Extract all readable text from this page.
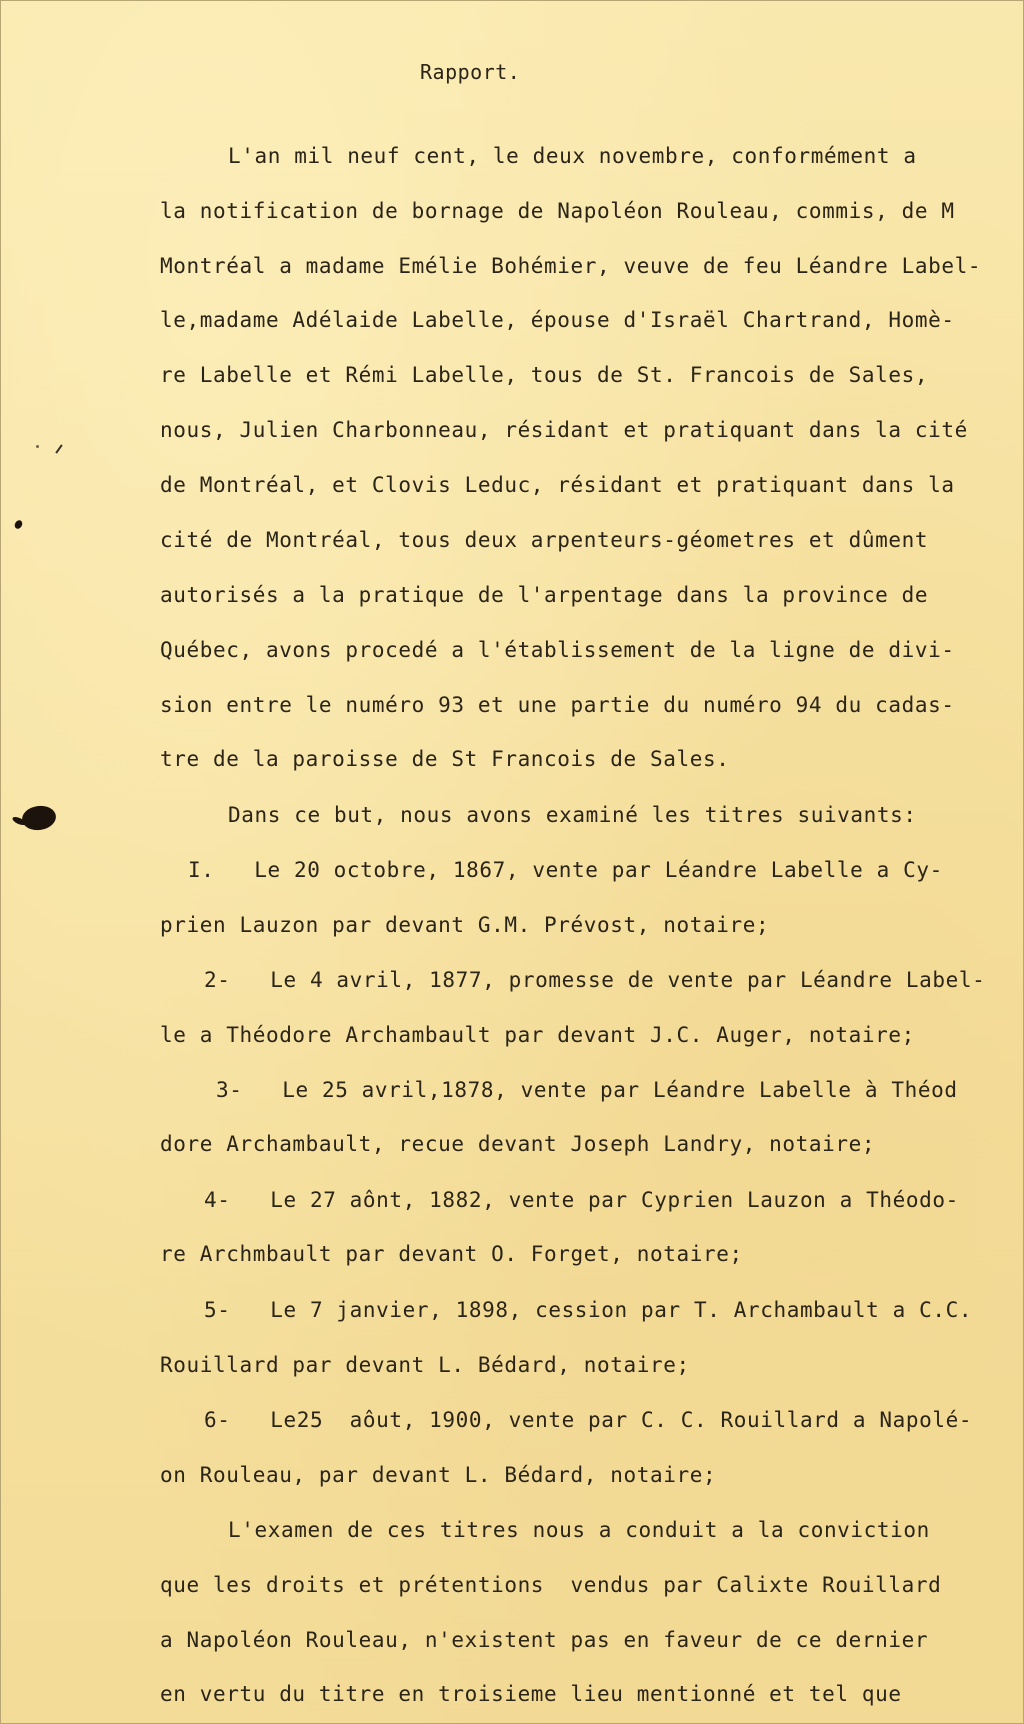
Rapport.
L'an mil neuf cent, le deux novembre, conformément a
la notification de bornage de Napoléon Rouleau, commis, de M
Montréal a madame Emélie Bohémier, veuve de feu Léandre Label-
le,madame Adélaide Labelle, épouse d'Israël Chartrand, Homè-
re Labelle et Rémi Labelle, tous de St. Francois de Sales,
nous, Julien Charbonneau, résidant et pratiquant dans la cité
de Montréal, et Clovis Leduc, résidant et pratiquant dans la
cité de Montréal, tous deux arpenteurs-géometres et dûment
autorisés a la pratique de l'arpentage dans la province de
Québec, avons procedé a l'établissement de la ligne de divi-
sion entre le numéro 93 et une partie du numéro 94 du cadas-
tre de la paroisse de St Francois de Sales.
Dans ce but, nous avons examiné les titres suivants:
I.   Le 20 octobre, 1867, vente par Léandre Labelle a Cy-
prien Lauzon par devant G.M. Prévost, notaire;
2-   Le 4 avril, 1877, promesse de vente par Léandre Label-
le a Théodore Archambault par devant J.C. Auger, notaire;
3-   Le 25 avril,1878, vente par Léandre Labelle à Théod
dore Archambault, recue devant Joseph Landry, notaire;
4-   Le 27 aônt, 1882, vente par Cyprien Lauzon a Théodo-
re Archmbault par devant O. Forget, notaire;
5-   Le 7 janvier, 1898, cession par T. Archambault a C.C.
Rouillard par devant L. Bédard, notaire;
6-   Le25  aôut, 1900, vente par C. C. Rouillard a Napolé-
on Rouleau, par devant L. Bédard, notaire;
L'examen de ces titres nous a conduit a la conviction
que les droits et prétentions  vendus par Calixte Rouillard
a Napoléon Rouleau, n'existent pas en faveur de ce dernier
en vertu du titre en troisieme lieu mentionné et tel que
